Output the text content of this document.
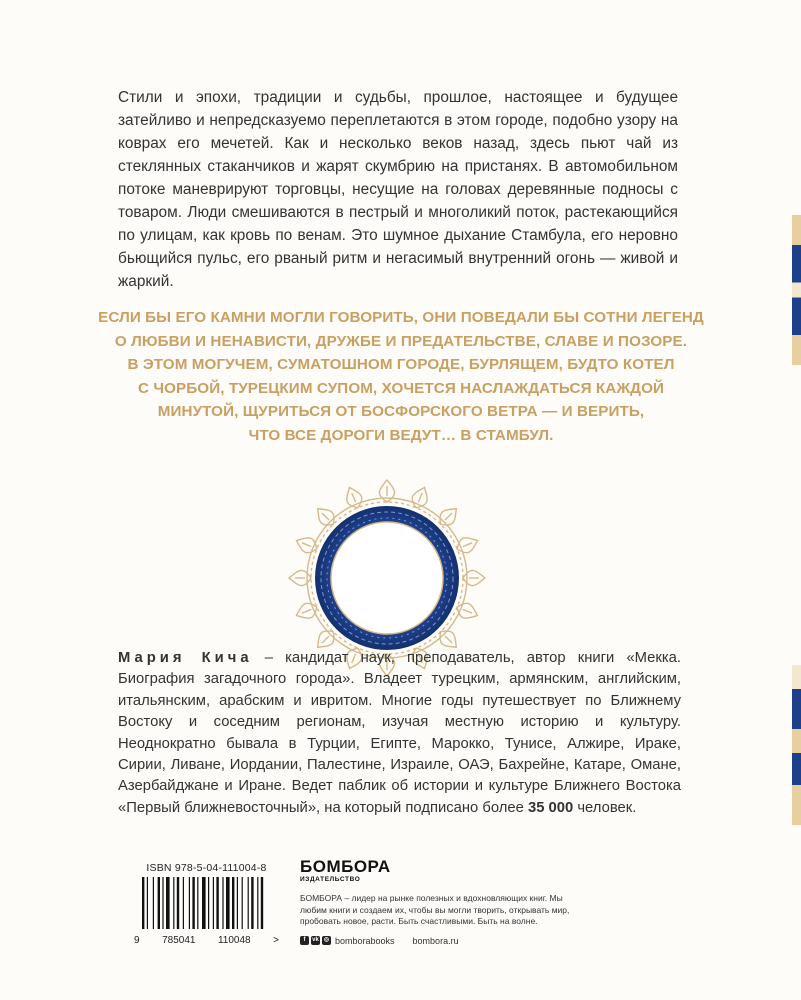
Стили и эпохи, традиции и судьбы, прошлое, настоящее и будущее затейливо и непредсказуемо переплетаются в этом городе, подобно узору на коврах его мечетей. Как и несколько веков назад, здесь пьют чай из стеклянных стаканчиков и жарят скумбрию на пристанях. В автомобильном потоке маневрируют торговцы, несущие на головах деревянные подносы с товаром. Люди смешиваются в пестрый и многоликий поток, растекающийся по улицам, как кровь по венам. Это шумное дыхание Стамбула, его неровно бьющийся пульс, его рваный ритм и негасимый внутренний огонь — живой и жаркий.

ЕСЛИ БЫ ЕГО КАМНИ МОГЛИ ГОВОРИТЬ, ОНИ ПОВЕДАЛИ БЫ СОТНИ ЛЕГЕНД
О ЛЮБВИ И НЕНАВИСТИ, ДРУЖБЕ И ПРЕДАТЕЛЬСТВЕ, СЛАВЕ И ПОЗОРЕ.
В ЭТОМ МОГУЧЕМ, СУМАТОШНОМ ГОРОДЕ, БУРЛЯЩЕМ, БУДТО КОТЕЛ
С ЧОРБОЙ, ТУРЕЦКИМ СУПОМ, ХОЧЕТСЯ НАСЛАЖДАТЬСЯ КАЖДОЙ
МИНУТОЙ, ЩУРИТЬСЯ ОТ БОСФОРСКОГО ВЕТРА — И ВЕРИТЬ,
ЧТО ВСЕ ДОРОГИ ВЕДУТ… В СТАМБУЛ.

Мария Кича – кандидат наук, преподаватель, автор книги «Мекка. Биография загадочного города». Владеет турецким, армянским, английским, итальянским, арабским и ивритом. Многие годы путешествует по Ближнему Востоку и соседним регионам, изучая местную историю и культуру. Неоднократно бывала в Турции, Египте, Марокко, Тунисе, Алжире, Ираке, Сирии, Ливане, Иордании, Палестине, Израиле, ОАЭ, Бахрейне, Катаре, Омане, Азербайджане и Иране. Ведет паблик об истории и культуре Ближнего Востока «Первый ближневосточный», на который подписано более 35 000 человек.

ISBN 978-5-04-111004-8

9 785041 110048 >

БОМБОРА

ИЗДАТЕЛЬСТВО

БОМБОРА – лидер на рынке полезных и вдохновляющих книг. Мы любим книги и создаем их, чтобы вы могли творить, открывать мир, пробовать новое, расти. Быть счастливыми. Быть на волне.

f	vk ◎ bomborabooks bombora.ru
